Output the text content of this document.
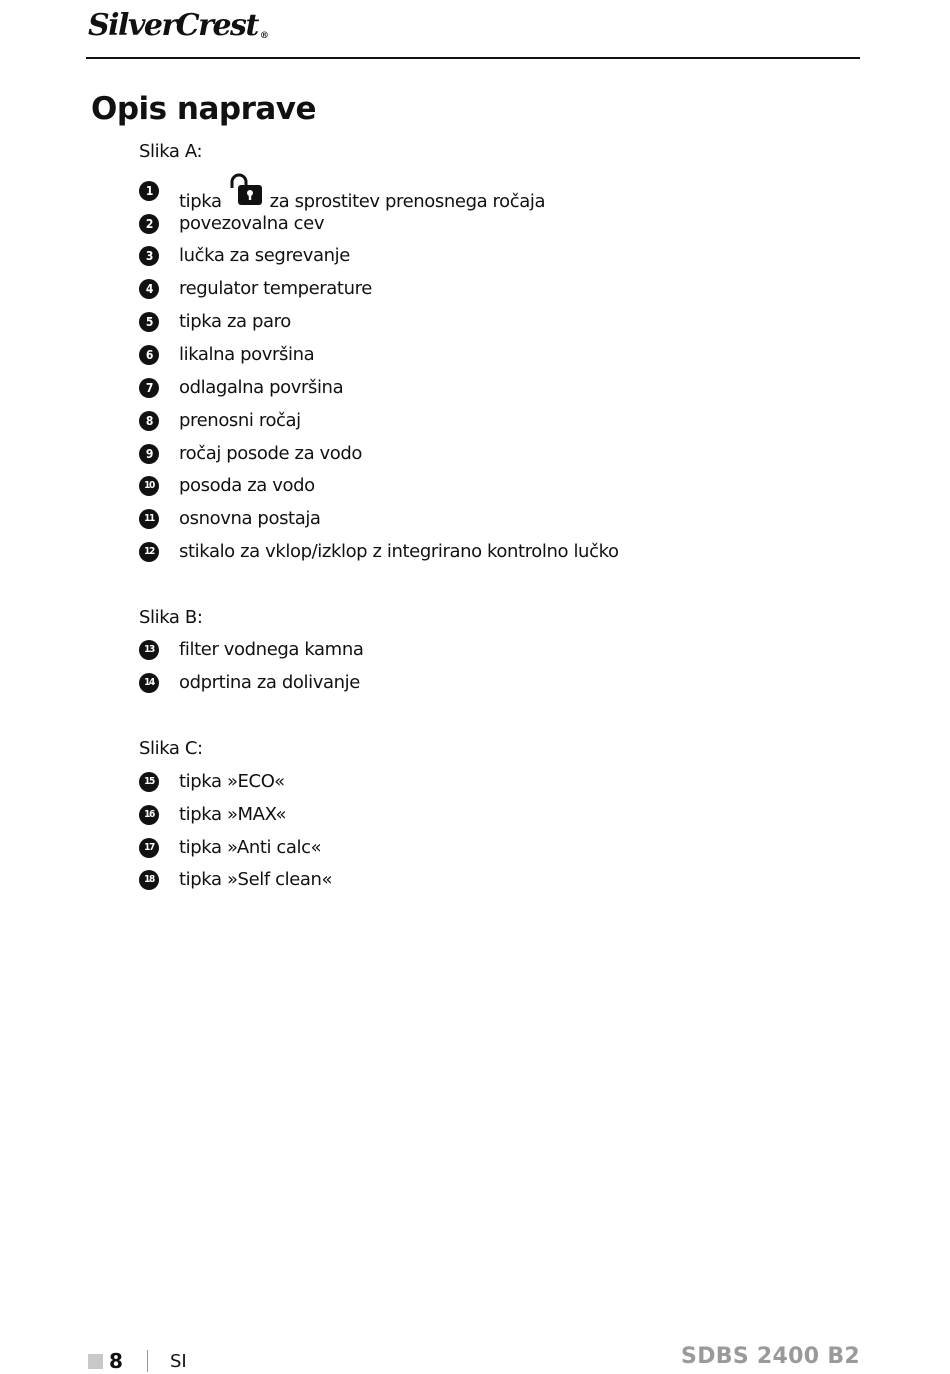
SilverCrest ®
Opis naprave
Slika A:
1	tipka	za sprostitev prenosnega ročaja
2	povezovalna cev
3	lučka za segrevanje
4	regulator temperature
5	tipka za paro
6	likalna površina
7	odlagalna površina
8	prenosni ročaj
9	ročaj posode za vodo
10 posoda za vodo
11 osnovna postaja
12 stikalo za vklop/izklop z integrirano kontrolno lučko
Slika B:
13 filter vodnega kamna
14 odprtina za dolivanje
Slika C:
15 tipka »ECO«
16 tipka »MAX«
17 tipka »Anti calc«
18 tipka »Self clean«
8	SI	SDBS 2400 B2
